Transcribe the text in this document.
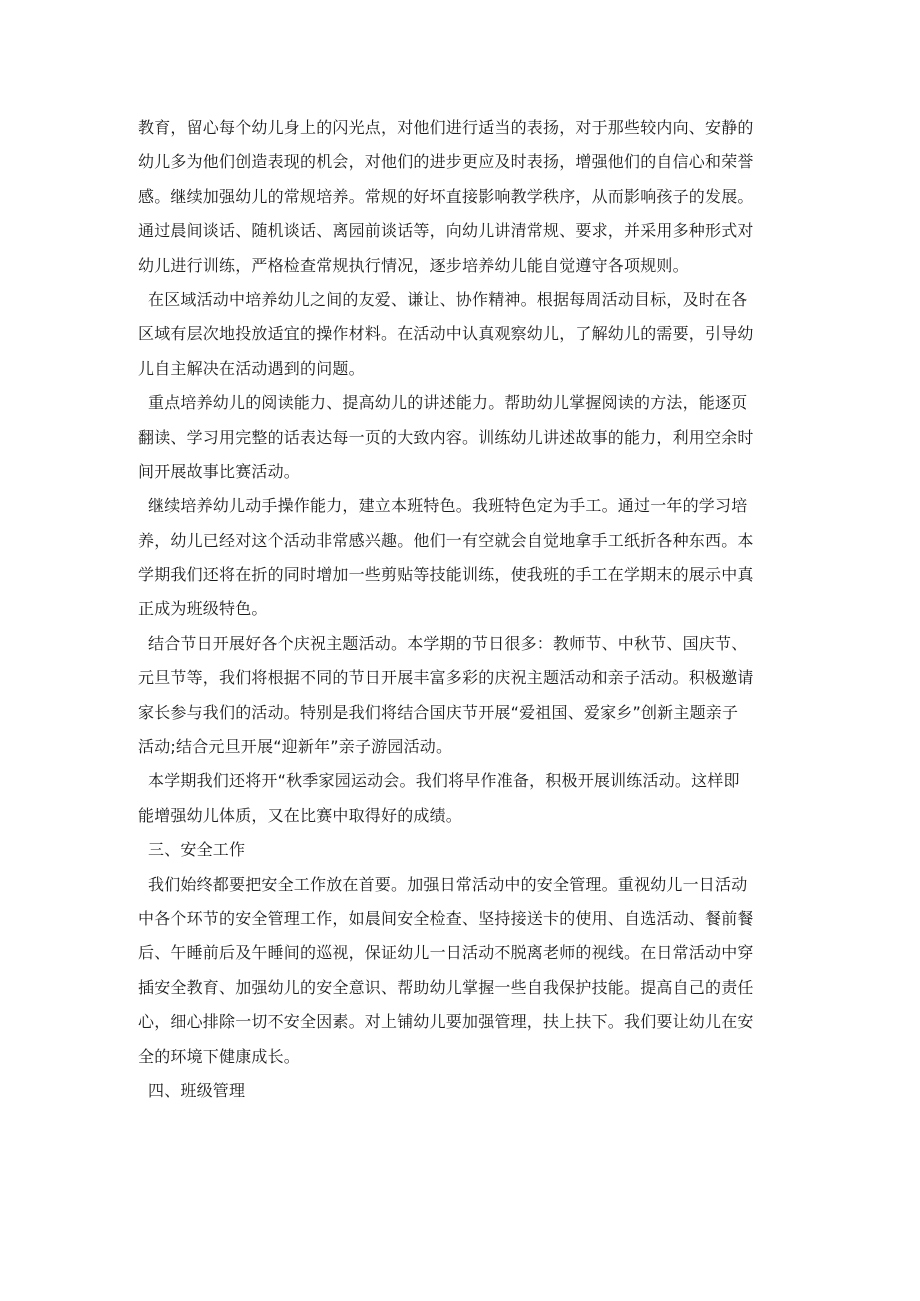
教育，留心每个幼儿身上的闪光点，对他们进行适当的表扬，对于那些较内向、安静的
幼儿多为他们创造表现的机会，对他们的进步更应及时表扬，增强他们的自信心和荣誉
感。继续加强幼儿的常规培养。常规的好坏直接影响教学秩序，从而影响孩子的发展。
通过晨间谈话、随机谈话、离园前谈话等，向幼儿讲清常规、要求，并采用多种形式对
幼儿进行训练，严格检查常规执行情况，逐步培养幼儿能自觉遵守各项规则。
在区域活动中培养幼儿之间的友爱、谦让、协作精神。根据每周活动目标，及时在各
区域有层次地投放适宜的操作材料。在活动中认真观察幼儿，了解幼儿的需要，引导幼
儿自主解决在活动遇到的问题。
重点培养幼儿的阅读能力、提高幼儿的讲述能力。帮助幼儿掌握阅读的方法，能逐页
翻读、学习用完整的话表达每一页的大致内容。训练幼儿讲述故事的能力，利用空余时
间开展故事比赛活动。
继续培养幼儿动手操作能力，建立本班特色。我班特色定为手工。通过一年的学习培
养，幼儿已经对这个活动非常感兴趣。他们一有空就会自觉地拿手工纸折各种东西。本
学期我们还将在折的同时增加一些剪贴等技能训练，使我班的手工在学期末的展示中真
正成为班级特色。
结合节日开展好各个庆祝主题活动。本学期的节日很多：教师节、中秋节、国庆节、
元旦节等，我们将根据不同的节日开展丰富多彩的庆祝主题活动和亲子活动。积极邀请
家长参与我们的活动。特别是我们将结合国庆节开展“爱祖国、爱家乡”创新主题亲子
活动;结合元旦开展“迎新年”亲子游园活动。
本学期我们还将开“秋季家园运动会。我们将早作准备，积极开展训练活动。这样即
能增强幼儿体质，又在比赛中取得好的成绩。
三、安全工作
我们始终都要把安全工作放在首要。加强日常活动中的安全管理。重视幼儿一日活动
中各个环节的安全管理工作，如晨间安全检查、坚持接送卡的使用、自选活动、餐前餐
后、午睡前后及午睡间的巡视，保证幼儿一日活动不脱离老师的视线。在日常活动中穿
插安全教育、加强幼儿的安全意识、帮助幼儿掌握一些自我保护技能。提高自己的责任
心，细心排除一切不安全因素。对上铺幼儿要加强管理，扶上扶下。我们要让幼儿在安
全的环境下健康成长。
四、班级管理
